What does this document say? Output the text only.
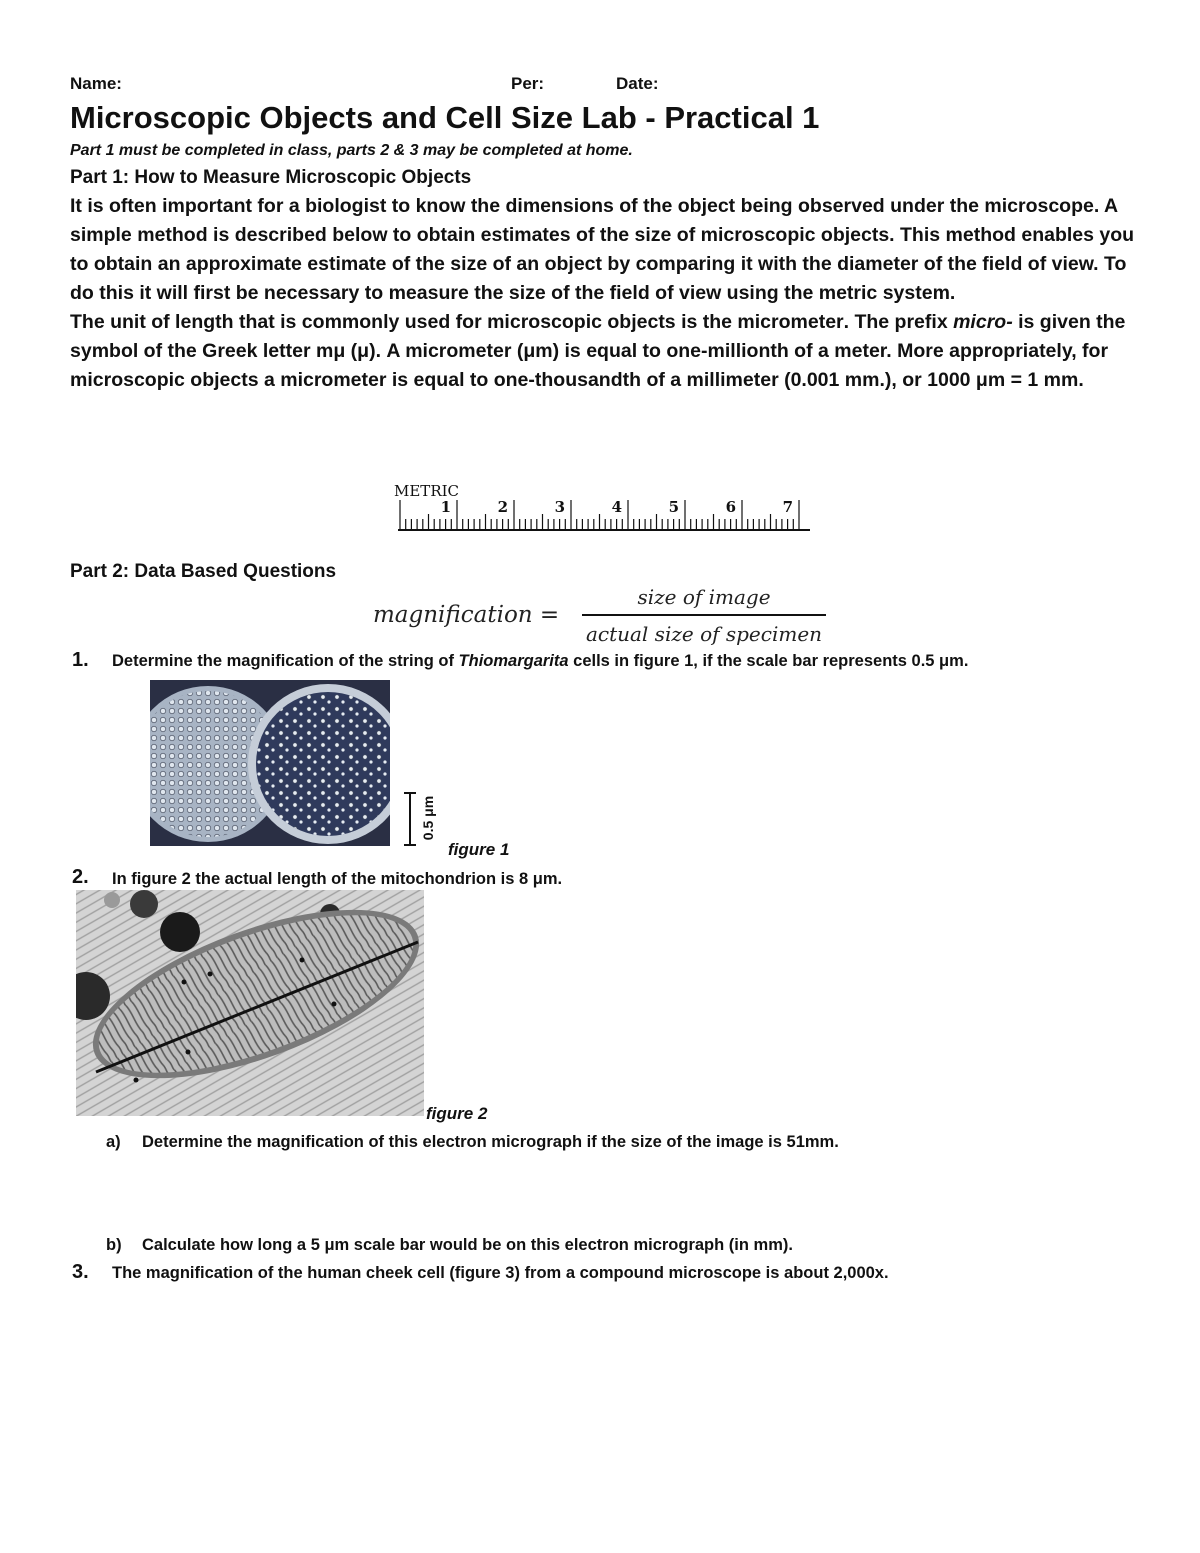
Name:	Per:	Date:
Microscopic Objects and Cell Size Lab - Practical 1
Part 1 must be completed in class, parts 2 & 3 may be completed at home.
Part 1: How to Measure Microscopic Objects

It is often important for a biologist to know the dimensions of the object being observed under the microscope. A simple method is described below to obtain estimates of the size of microscopic objects. This method enables you to obtain an approximate estimate of the size of an object by comparing it with the diameter of the field of view. To do this it will first be necessary to measure the size of the field of view using the metric system.

The unit of length that is commonly used for microscopic objects is the micrometer. The prefix micro- is given the symbol of the Greek letter mμ (μ). A micrometer (μm) is equal to one-millionth of a meter. More appropriately, for microscopic objects a micrometer is equal to one-thousandth of a millimeter (0.001 mm.), or 1000 μm = 1 mm.

METRIC
1	2	3	4	5	6	7
Part 2: Data Based Questions
magnification =
size of image
actual size of specimen
1. Determine the magnification of the string of Thiomargarita cells in figure 1, if the scale bar represents 0.5 μm.
0.5 μm
figure 1
2. In figure 2 the actual length of the mitochondrion is 8 μm.
figure 2
a) Determine the magnification of this electron micrograph if the size of the image is 51mm.
b) Calculate how long a 5 μm scale bar would be on this electron micrograph (in mm).
3. The magnification of the human cheek cell (figure 3) from a compound microscope is about 2,000x.
